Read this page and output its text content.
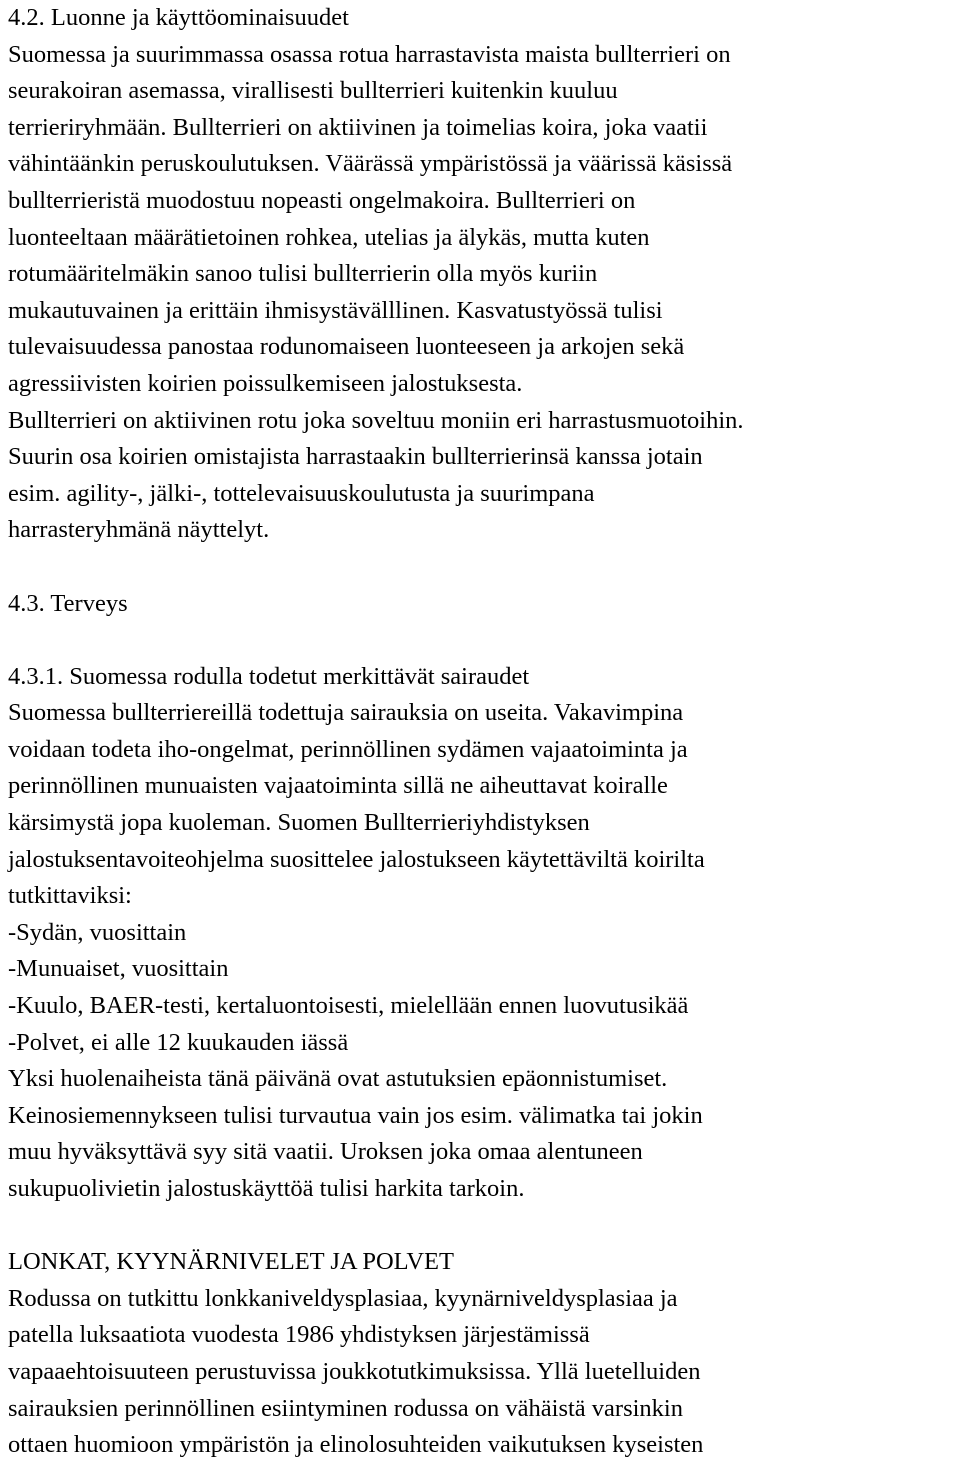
4.2. Luonne ja käyttöominaisuudet
Suomessa ja suurimmassa osassa rotua harrastavista maista bullterrieri on
seurakoiran asemassa, virallisesti bullterrieri kuitenkin kuuluu
terrieriryhmään. Bullterrieri on aktiivinen ja toimelias koira, joka vaatii
vähintäänkin peruskoulutuksen. Väärässä ympäristössä ja väärissä käsissä
bullterrieristä muodostuu nopeasti ongelmakoira. Bullterrieri on
luonteeltaan määrätietoinen rohkea, utelias ja älykäs, mutta kuten
rotumääritelmäkin sanoo tulisi bullterrierin olla myös kuriin
mukautuvainen ja erittäin ihmisystävälllinen. Kasvatustyössä tulisi
tulevaisuudessa panostaa rodunomaiseen luonteeseen ja arkojen sekä
agressiivisten koirien poissulkemiseen jalostuksesta.
Bullterrieri on aktiivinen rotu joka soveltuu moniin eri harrastusmuotoihin.
Suurin osa koirien omistajista harrastaakin bullterrierinsä kanssa jotain
esim. agility-, jälki-, tottelevaisuuskoulutusta ja suurimpana
harrasteryhmänä näyttelyt.
4.3. Terveys
4.3.1. Suomessa rodulla todetut merkittävät sairaudet
Suomessa bullterriereillä todettuja sairauksia on useita. Vakavimpina
voidaan todeta iho-ongelmat, perinnöllinen sydämen vajaatoiminta ja
perinnöllinen munuaisten vajaatoiminta sillä ne aiheuttavat koiralle
kärsimystä jopa kuoleman. Suomen Bullterrieriyhdistyksen
jalostuksentavoiteohjelma suosittelee jalostukseen käytettäviltä koirilta
tutkittaviksi:
-Sydän, vuosittain
-Munuaiset, vuosittain
-Kuulo, BAER-testi, kertaluontoisesti, mielellään ennen luovutusikää
-Polvet, ei alle 12 kuukauden iässä
Yksi huolenaiheista tänä päivänä ovat astutuksien epäonnistumiset.
Keinosiemennykseen tulisi turvautua vain jos esim. välimatka tai jokin
muu hyväksyttävä syy sitä vaatii. Uroksen joka omaa alentuneen
sukupuolivietin jalostuskäyttöä tulisi harkita tarkoin.
LONKAT, KYYNÄRNIVELET JA POLVET
Rodussa on tutkittu lonkkaniveldysplasiaa, kyynärniveldysplasiaa ja
patella luksaatiota vuodesta 1986 yhdistyksen järjestämissä
vapaaehtoisuuteen perustuvissa joukkotutkimuksissa. Yllä luetelluiden
sairauksien perinnöllinen esiintyminen rodussa on vähäistä varsinkin
ottaen huomioon ympäristön ja elinolosuhteiden vaikutuksen kyseisten
